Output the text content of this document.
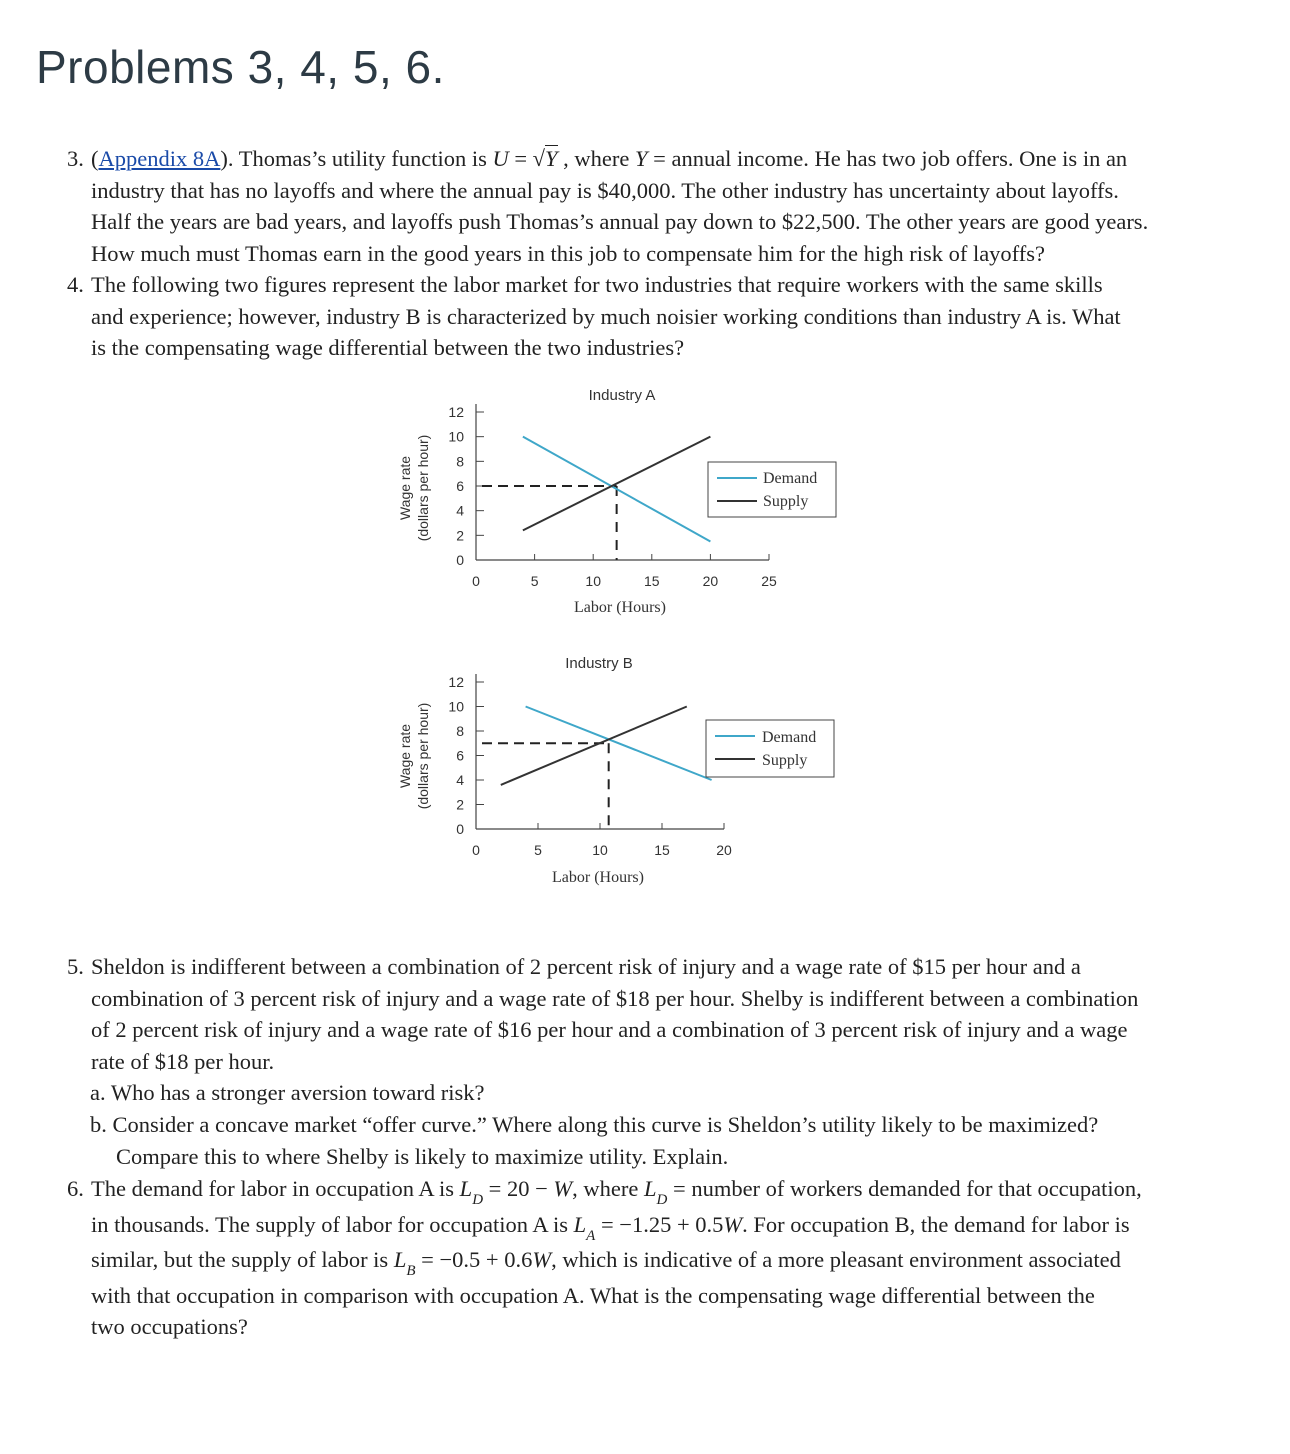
Problems 3, 4, 5, 6.
3. (Appendix 8A). Thomas’s utility function is U = √Y , where Y = annual income. He has two job offers. One is in an
industry that has no layoffs and where the annual pay is $40,000. The other industry has uncertainty about layoffs.
Half the years are bad years, and layoffs push Thomas’s annual pay down to $22,500. The other years are good years.
How much must Thomas earn in the good years in this job to compensate him for the high risk of layoffs?
4. The following two figures represent the labor market for two industries that require workers with the same skills
and experience; however, industry B is characterized by much noisier working conditions than industry A is. What
is the compensating wage differential between the two industries?
Industry A
Wage rate (dollars per hour)
0
2
4
6
8
10
12
0	5	10	15	20	25
Labor (Hours)
Demand
Supply
Industry B
Wage rate (dollars per hour)
0
2
4
6
8
10
12
0	5	10	15	20
Labor (Hours)
Demand
Supply
5. Sheldon is indifferent between a combination of 2 percent risk of injury and a wage rate of $15 per hour and a
combination of 3 percent risk of injury and a wage rate of $18 per hour. Shelby is indifferent between a combination
of 2 percent risk of injury and a wage rate of $16 per hour and a combination of 3 percent risk of injury and a wage
rate of $18 per hour.

a. Who has a stronger aversion toward risk?

b. Consider a concave market “offer curve.” Where along this curve is Sheldon’s utility likely to be maximized?
Compare this to where Shelby is likely to maximize utility. Explain.
6. The demand for labor in occupation A is $L_D = 20 - W$, where $L_D$ = number of workers demanded for that occupation,
in thousands. The supply of labor for occupation A is $L_A = -1.25 + 0.5W$. For occupation B, the demand for labor is
similar, but the supply of labor is $L_B = -0.5 + 0.6W$, which is indicative of a more pleasant environment associated
with that occupation in comparison with occupation A. What is the compensating wage differential between the
two occupations?
